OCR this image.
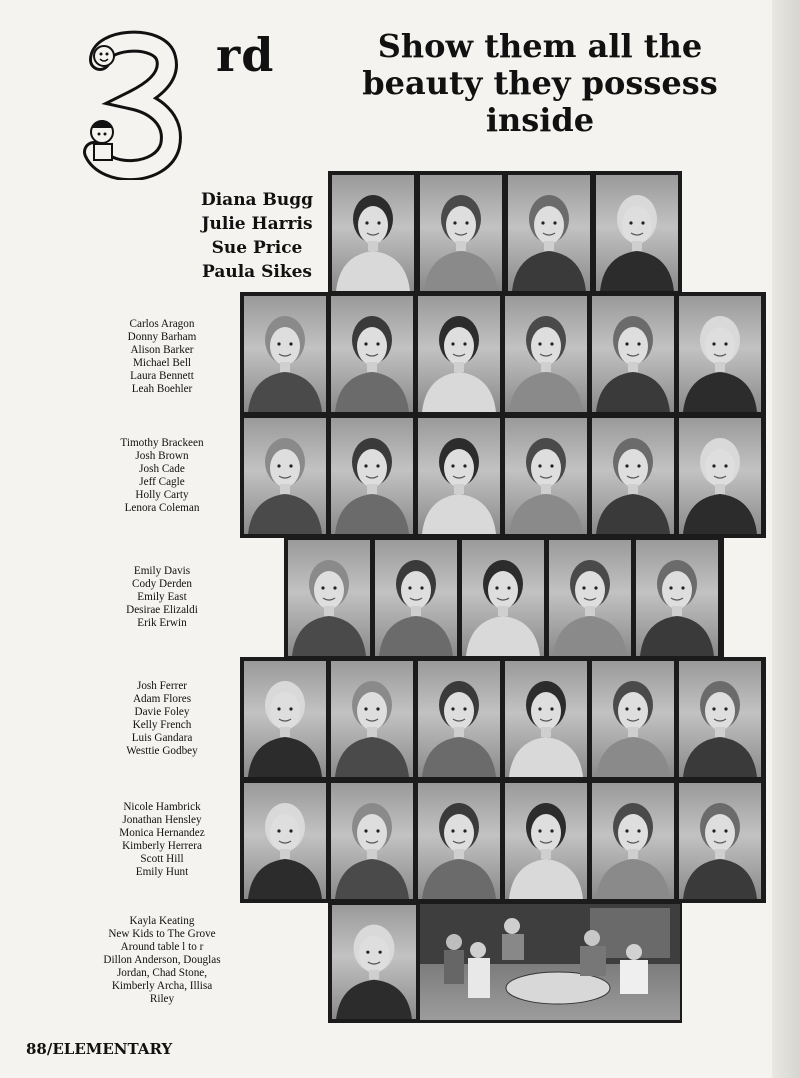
rd	Show them all the
beauty they possess
inside
Diana Bugg
Julie Harris
Sue Price
Paula Sikes
Carlos Aragon
Donny Barham
Alison Barker
Michael Bell
Laura Bennett
Leah Boehler
Timothy Brackeen
Josh Brown
Josh Cade
Jeff Cagle
Holly Carty
Lenora Coleman
Emily Davis
Cody Derden
Emily East
Desirae Elizaldi
Erik Erwin
Josh Ferrer
Adam Flores
Davie Foley
Kelly French
Luis Gandara
Westtie Godbey
Nicole Hambrick
Jonathan Hensley
Monica Hernandez
Kimberly Herrera
Scott Hill
Emily Hunt
Kayla Keating
New Kids to The Grove
Around table l to r
Dillon Anderson, Douglas
Jordan, Chad Stone,
Kimberly Archa, Illisa
Riley
88/ELEMENTARY
